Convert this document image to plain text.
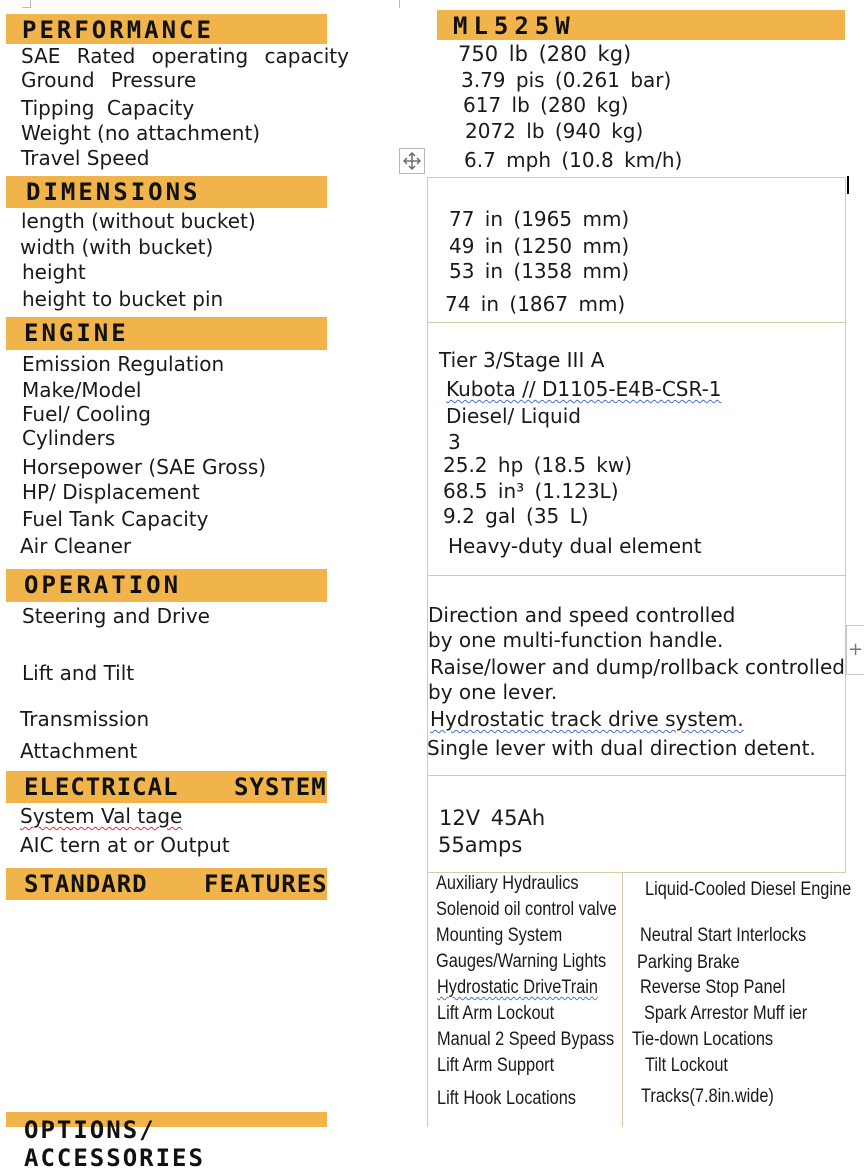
PERFORMANCE	ML525W
DIMENSIONS
ENGINE
OPERATION
ELECTRICAL SYSTEM
STANDARD FEATURES
OPTIONS/ ACCESSORIES
SAE Rated operating capacity
Ground Pressure
Tipping Capacity
Weight (no attachment)
Travel Speed
750 lb (280 kg)
3.79 pis (0.261 bar)
617 lb (280 kg)
2072 lb (940 kg)
6.7 mph (10.8 km/h)
length (without bucket)
width (with bucket)
height
height to bucket pin
77 in (1965 mm)
49 in (1250 mm)
53 in (1358 mm)
74 in (1867 mm)
Emission Regulation
Make/Model
Fuel/ Cooling
Cylinders
Horsepower (SAE Gross)
HP/ Displacement
Fuel Tank Capacity
Air Cleaner
Tier 3/Stage III A
Kubota // D1105-E4B-CSR-1
Diesel/ Liquid
3
25.2 hp (18.5 kw)
68.5 in³ (1.123L)
9.2 gal (35 L)
Heavy-duty dual element
Steering and Drive
Lift and Tilt
Transmission
Attachment
Direction and speed controlled
by one multi-function handle.
Raise/lower and dump/rollback controlled
by one lever.
Hydrostatic track drive system.
Single lever with dual direction detent.
System Val tage
AIC tern at or Output
12V 45Ah
55amps
Auxiliary Hydraulics
Solenoid oil control valve
Mounting System
Gauges/Warning Lights
Hydrostatic DriveTrain
Lift Arm Lockout
Manual 2 Speed Bypass
Lift Arm Support
Lift Hook Locations
Liquid-Cooled Diesel Engine
Neutral Start Interlocks
Parking Brake
Reverse Stop Panel
Spark Arrestor Muff ier
Tie-down Locations
Tilt Lockout
Tracks(7.8in.wide)
+
